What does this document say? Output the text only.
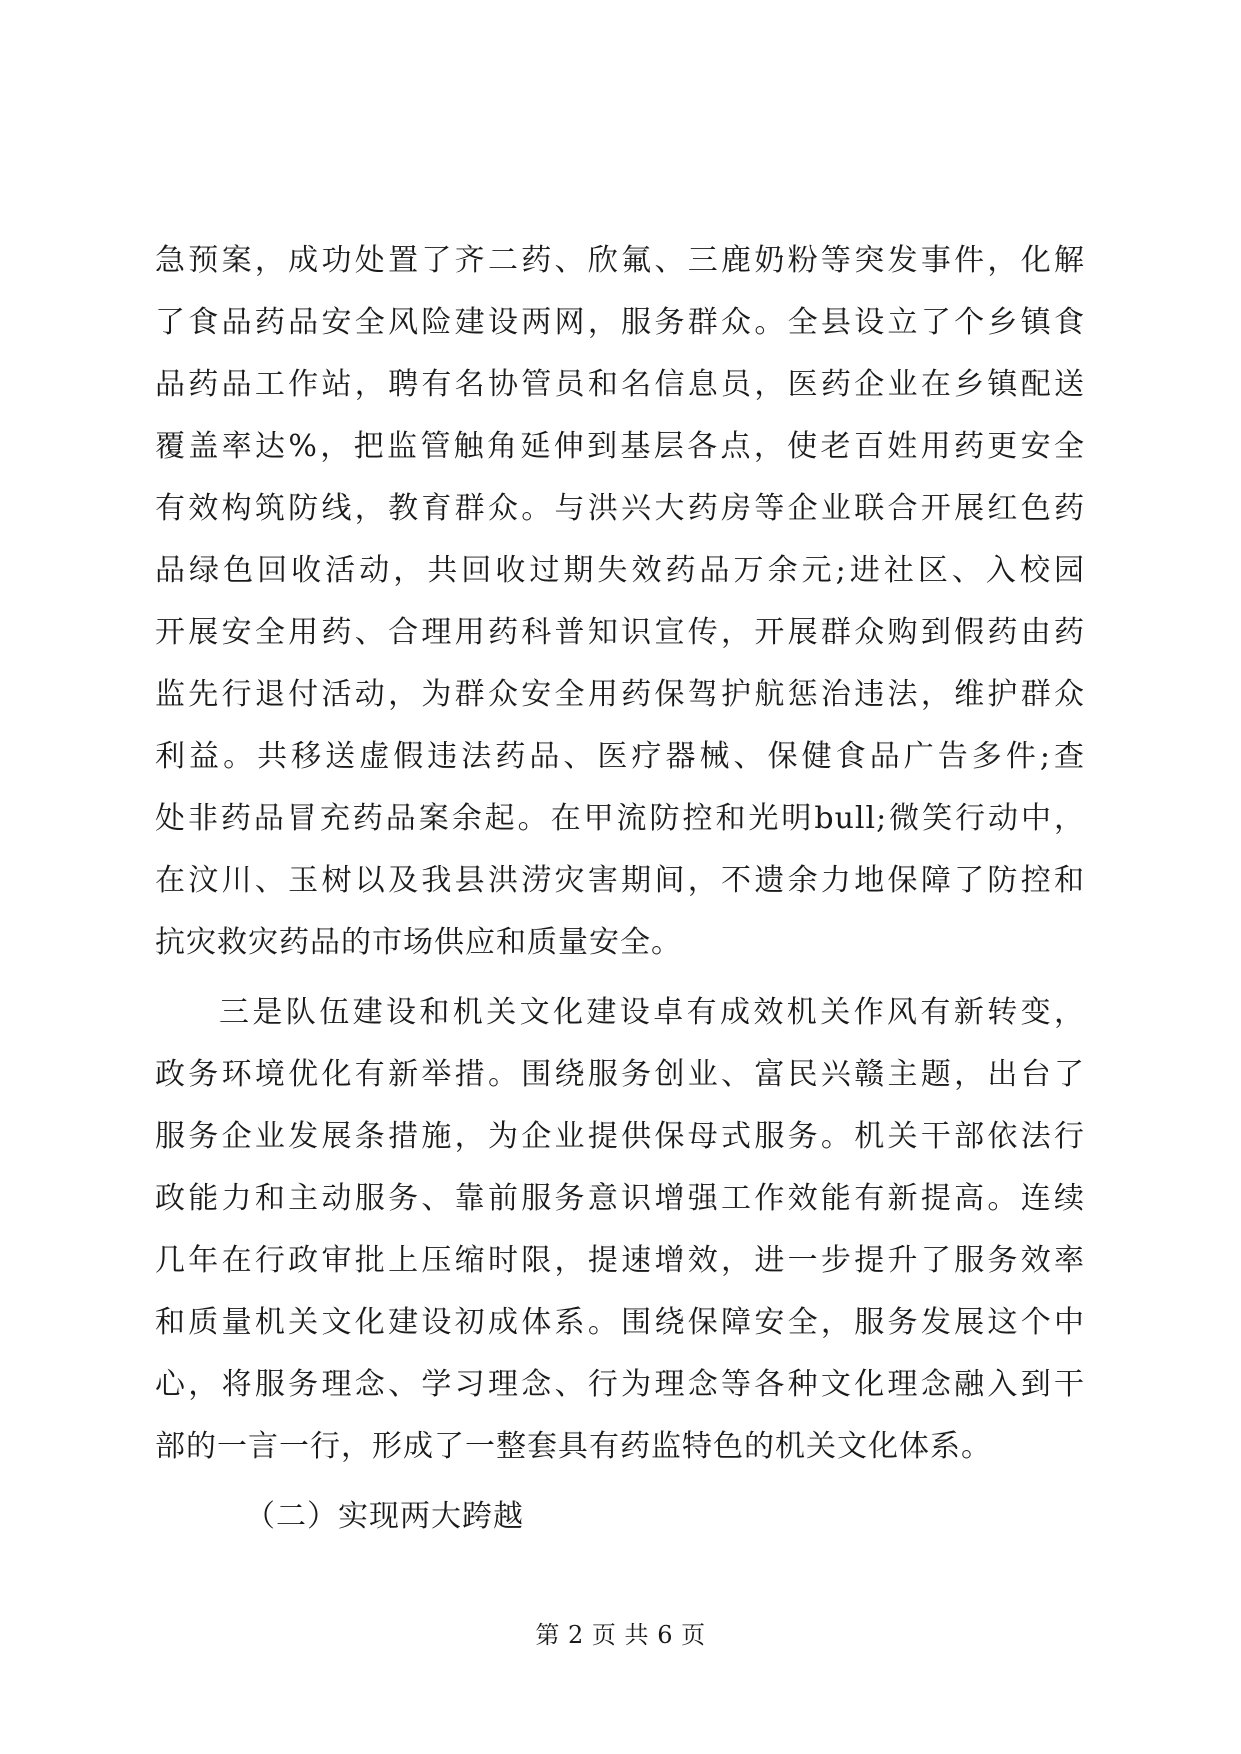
急预案，成功处置了齐二药、欣氟、三鹿奶粉等突发事件，化解
了食品药品安全风险建设两网，服务群众。全县设立了个乡镇食
品药品工作站，聘有名协管员和名信息员，医药企业在乡镇配送
覆盖率达%，把监管触角延伸到基层各点，使老百姓用药更安全
有效构筑防线，教育群众。与洪兴大药房等企业联合开展红色药
品绿色回收活动，共回收过期失效药品万余元;进社区、入校园
开展安全用药、合理用药科普知识宣传，开展群众购到假药由药
监先行退付活动，为群众安全用药保驾护航惩治违法，维护群众
利益。共移送虚假违法药品、医疗器械、保健食品广告多件;查
处非药品冒充药品案余起。在甲流防控和光明bull;微笑行动中，
在汶川、玉树以及我县洪涝灾害期间，不遗余力地保障了防控和
抗灾救灾药品的市场供应和质量安全。
三是队伍建设和机关文化建设卓有成效机关作风有新转变，
政务环境优化有新举措。围绕服务创业、富民兴赣主题，出台了
服务企业发展条措施，为企业提供保母式服务。机关干部依法行
政能力和主动服务、靠前服务意识增强工作效能有新提高。连续
几年在行政审批上压缩时限，提速增效，进一步提升了服务效率
和质量机关文化建设初成体系。围绕保障安全，服务发展这个中
心，将服务理念、学习理念、行为理念等各种文化理念融入到干
部的一言一行，形成了一整套具有药监特色的机关文化体系。
（二）实现两大跨越
第 2 页 共 6 页
